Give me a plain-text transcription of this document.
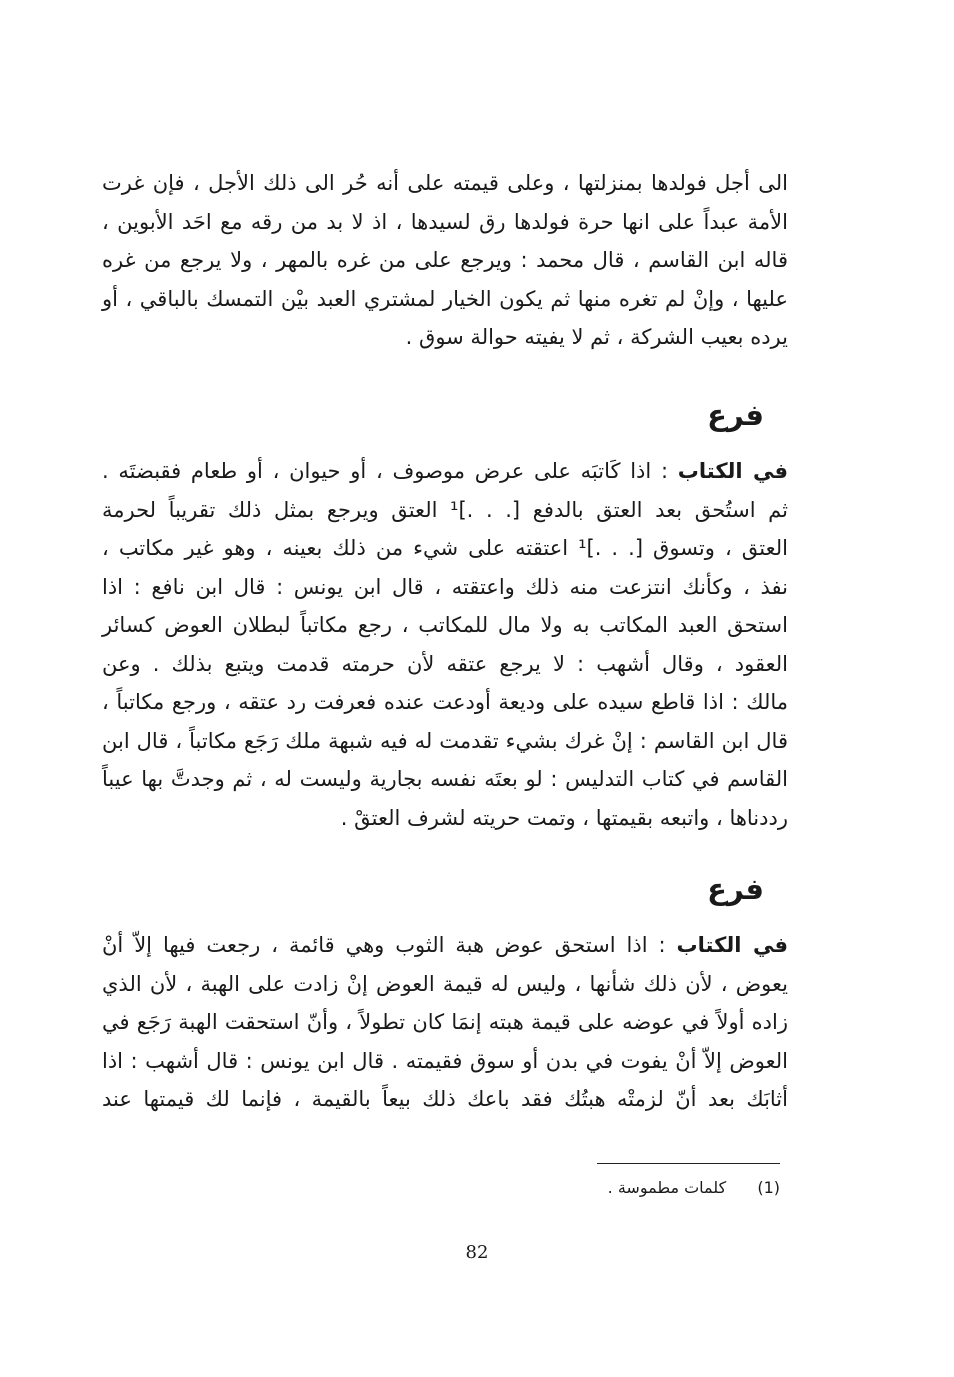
الى أجل فولدها بمنزلتها ، وعلى قيمته على أنه حُر الى ذلك الأجل ، فإن غرت
الأمة عبداً على انها حرة فولدها رق لسيدها ، اذ لا بد من رقه مع احَد الأبوين ،
قاله ابن القاسم ، قال محمد : ويرجع على من غره بالمهر ، ولا يرجع من غره
عليها ، وإنْ لم تغره منها ثم يكون الخيار لمشتري العبد بيْن التمسك بالباقي ، أو
يرده بعيب الشركة ، ثم لا يفيته حوالة سوق .
فرع
في الكتاب : اذا كَاتبَه على عرض موصوف ، أو حيوان ، أو طعام فقبضتَه .
ثم استُحق بعد العتق بالدفع [. . .]¹ العتق ويرجع بمثل ذلك تقريباً لحرمة
العتق ، وتسوق [. . .]¹ اعتقته على شيء من ذلك بعينه ، وهو غير مكاتب ،
نفذ ، وكأنك انتزعت منه ذلك واعتقته ، قال ابن يونس : قال ابن نافع : اذا
استحق العبد المكاتب به ولا مال للمكاتب ، رجع مكاتباً لبطلان العوض كسائر
العقود ، وقال أشهب : لا يرجع عتقه لأن حرمته قدمت ويتبع بذلك . وعن
مالك : اذا قاطع سيده على وديعة أودعت عنده فعرفت رد عتقه ، ورجع مكاتباً ،
قال ابن القاسم : إنْ غرك بشيء تقدمت له فيه شبهة ملك رَجَع مكاتباً ، قال ابن
القاسم في كتاب التدليس : لو بعتَه نفسه بجارية وليست له ، ثم وجدتَّ بها عيباً
رددناها ، واتبعه بقيمتها ، وتمت حريته لشرف العتقْ .
فرع
في الكتاب : اذا استحق عوض هبة الثوب وهي قائمة ، رجعت فيها إلاّ أنْ
يعوض ، لأن ذلك شأنها ، وليس له قيمة العوض إنْ زادت على الهبة ، لأن الذي
زاده أولاً في عوضه على قيمة هبته إنمَا كان تطولاً ، وأنّ استحقت الهبة رَجَع في
العوض إلاّ أنْ يفوت في بدن أو سوق فقيمته . قال ابن يونس : قال أشهب : اذا
أثابَك بعد أنّ لزمتْه هبتُك فقد باعك ذلك بيعاً بالقيمة ، فإنما لك قيمتها عند
(1) كلمات مطموسة .
82
